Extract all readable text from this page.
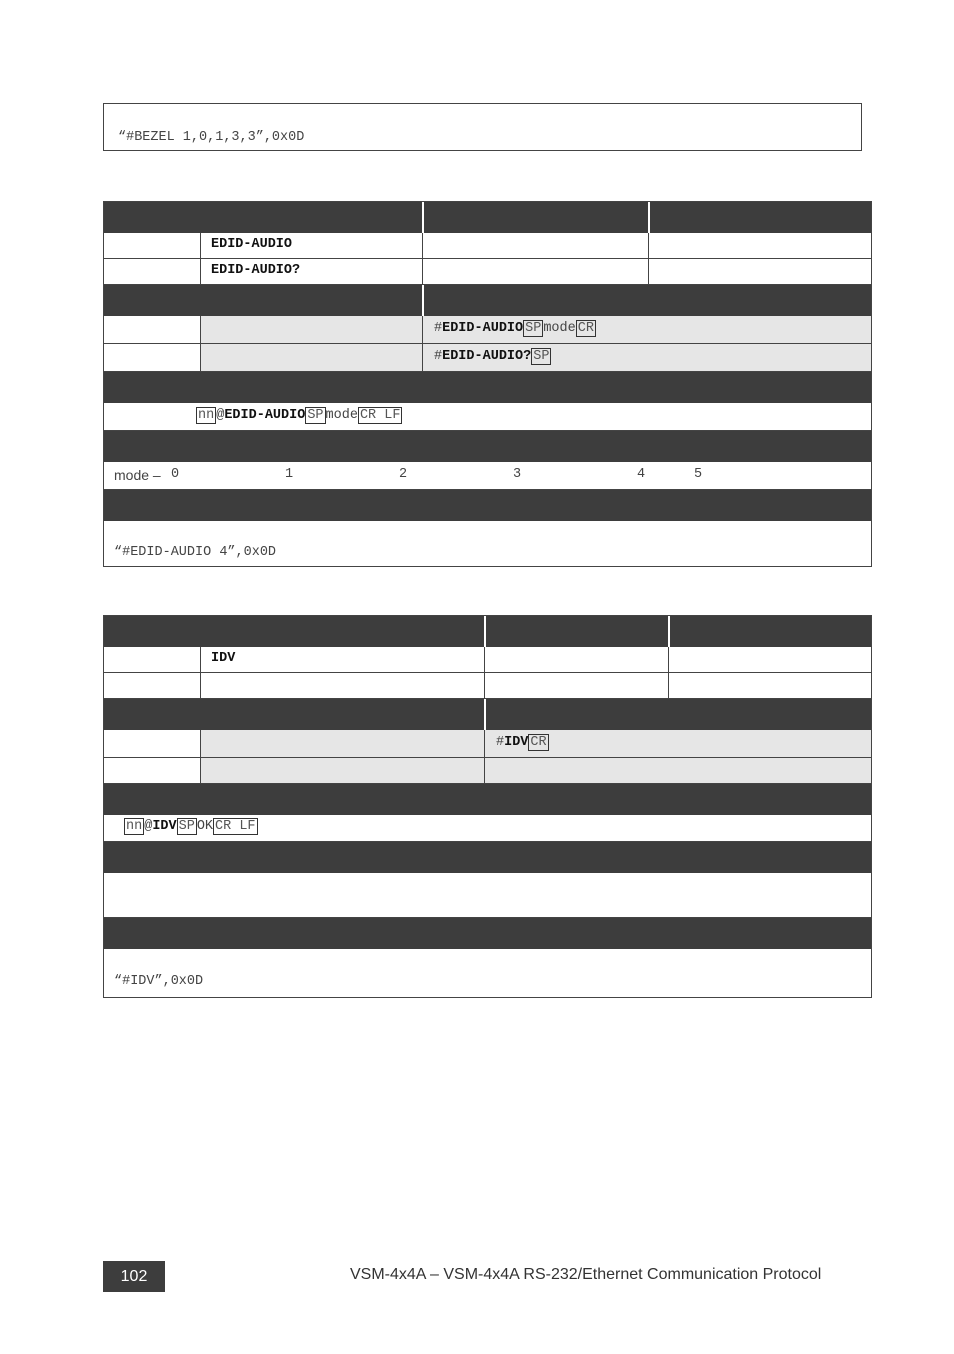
“#BEZEL 1,0,1,3,3”,0x0D
EDID-AUDIO
EDID-AUDIO?
#EDID-AUDIO SP mode CR
#EDID-AUDIO? SP
nn @EDID-AUDIO SP mode CR LF
mode – 0	1	2	3	4	5
“#EDID-AUDIO 4”,0x0D
IDV
#IDV CR
nn @IDV SP OK CR LF
“#IDV”,0x0D
102	VSM-4x4A – VSM-4x4A RS-232/Ethernet Communication Protocol
